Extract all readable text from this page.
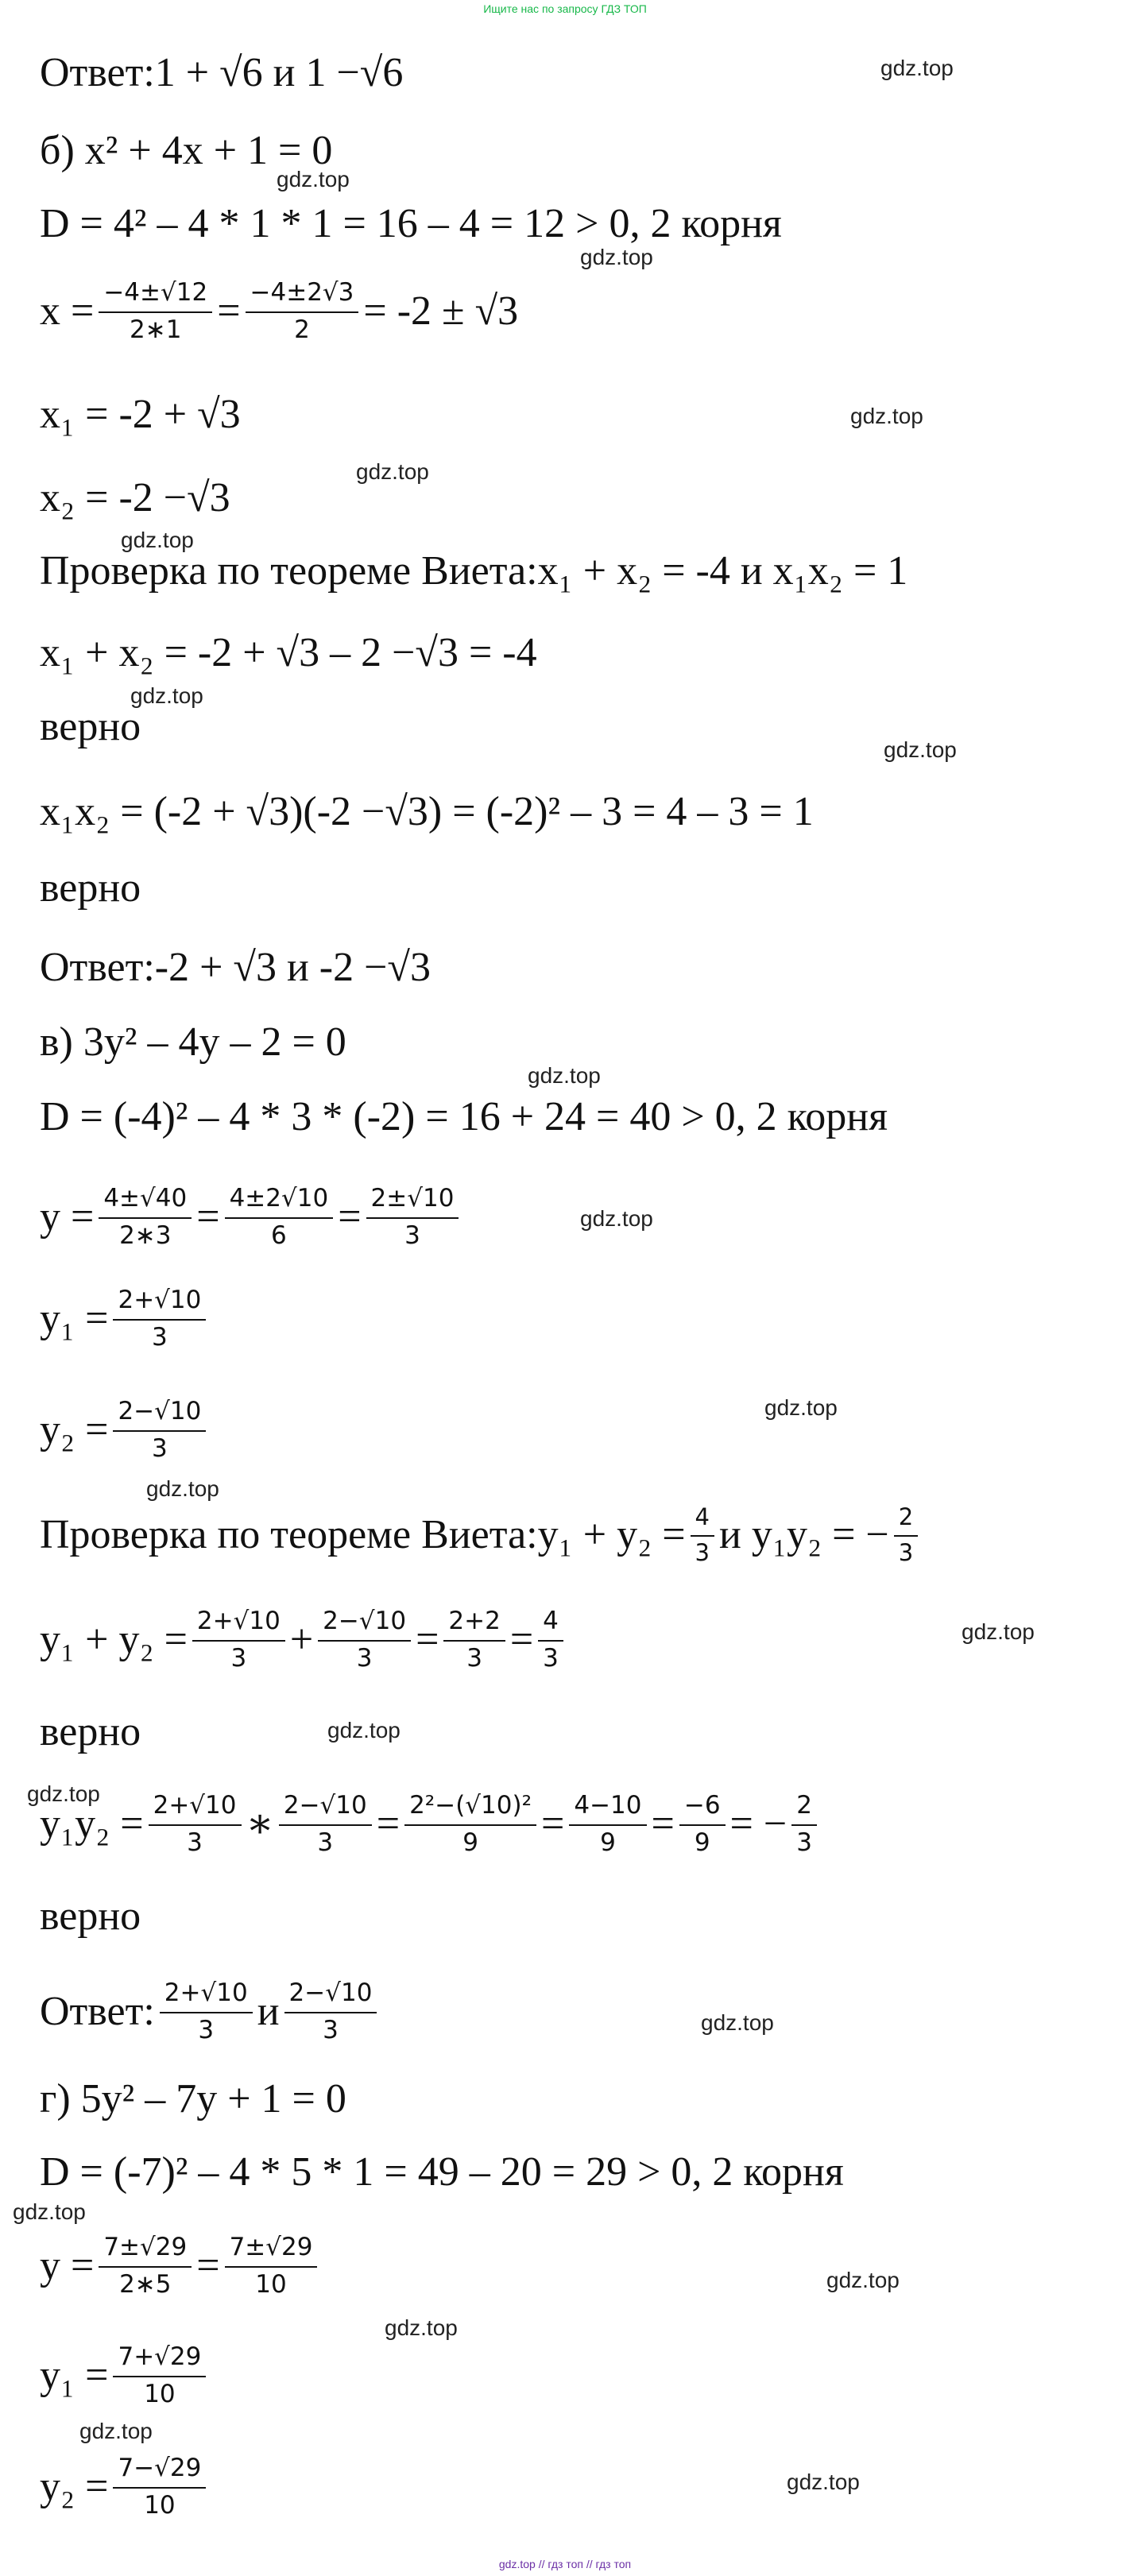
Ищите нас по запросу ГДЗ ТОП
Ответ: 1 + √6 и 1 −√6
б) x² + 4x + 1 = 0
D = 4² – 4 * 1 * 1 = 16 – 4 = 12 > 0, 2 корня
$x = \frac{-4\pm√12}{2∗1} = \frac{-4\pm 2√3}{2} = -2 \pm √3$
x₁ = -2 + √3
x₂ = -2 −√3
Проверка по теореме Виета: x₁ + x₂ = -4 и x₁x₂ = 1
x₁ + x₂ = -2 + √3 – 2 −√3 = -4
верно
x₁x₂ = (-2 + √3)(-2 −√3) = (-2)² – 3 = 4 – 3 = 1
верно
Ответ: -2 + √3 и -2 −√3
в) 3y² – 4y – 2 = 0
D = (-4)² – 4 * 3 * (-2) = 16 + 24 = 40 > 0, 2 корня
$y = \frac{4\pm√40}{2∗3} = \frac{4\pm 2√10}{6} = \frac{2\pm√10}{3}$
$y_1 = \frac{2+√10}{3}$
$y_2 = \frac{2-√10}{3}$
Проверка по теореме Виета: $y_1 + y_2 = \frac{4}{3}$ и y₁y₂ = − $\frac{2}{3}$
$y_1 + y_2 = \frac{2+√10}{3} + \frac{2-√10}{3} = \frac{2+2}{3} = \frac{4}{3}$
верно
$y_1y_2 = \frac{2+√10}{3}$ ∗ $\frac{2-√10}{3} = \frac{\text{2²−(√10)²}}{9} = \frac{4-10}{9} = \frac{-6}{9}$ = − $\frac{2}{3}$
верно
Ответ: $\frac{2+√10}{3}$ и $\frac{2-√10}{3}$
г) 5y² – 7y + 1 = 0
D = (-7)² – 4 * 5 * 1 = 49 – 20 = 29 > 0, 2 корня
$y = \frac{7\pm√29}{2∗5} = \frac{7\pm√29}{10}$
$y_1 = \frac{7+√29}{10}$
$y_2 = \frac{7-√29}{10}$
gdz.top
gdz.top
gdz.top
gdz.top
gdz.top
gdz.top
gdz.top
gdz.top
gdz.top
gdz.top
gdz.top
gdz.top
gdz.top
gdz.top
gdz.top
gdz.top
gdz.top
gdz.top
gdz.top
gdz.top
gdz.top
gdz.top // гдз топ // гдз топ
